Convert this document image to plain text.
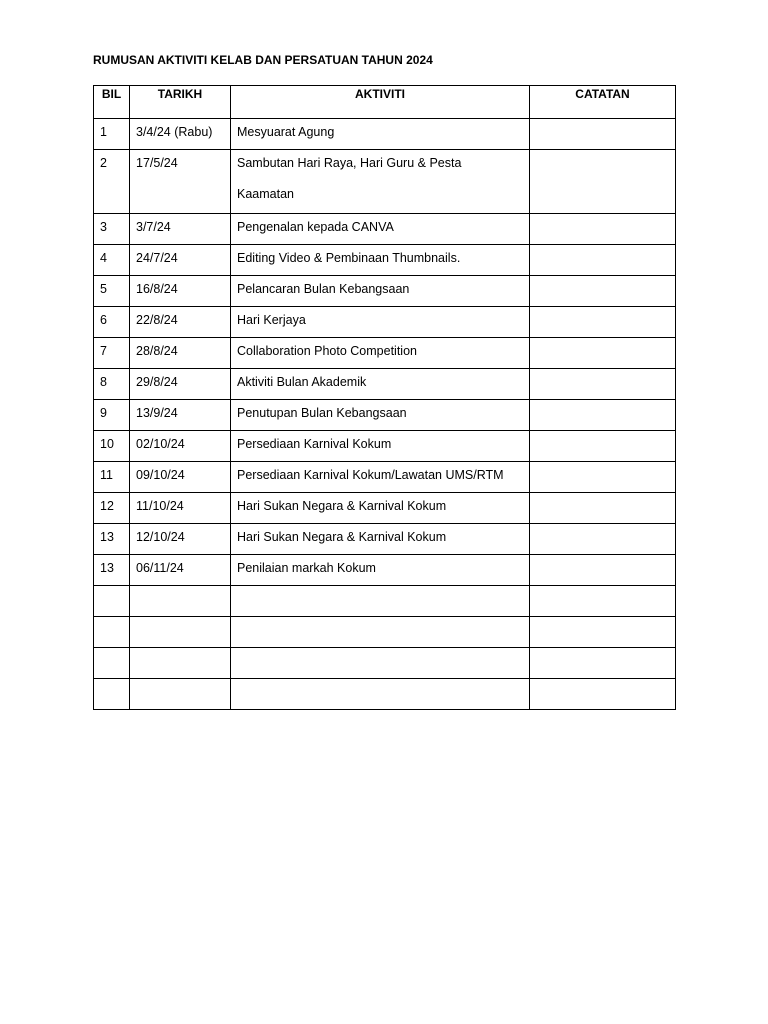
RUMUSAN AKTIVITI KELAB DAN PERSATUAN TAHUN 2024
BIL	TARIKH	AKTIVITI	CATATAN
1	3/4/24 (Rabu)	Mesyuarat Agung	
2	17/5/24	Sambutan Hari Raya, Hari Guru & Pesta
Kaamatan	

3	3/7/24	Pengenalan kepada CANVA	
4	24/7/24	Editing Video & Pembinaan Thumbnails.	
5	16/8/24	Pelancaran Bulan Kebangsaan	
6	22/8/24	Hari Kerjaya	
7	28/8/24	Collaboration Photo Competition	
8	29/8/24	Aktiviti Bulan Akademik	
9	13/9/24	Penutupan Bulan Kebangsaan	
10	02/10/24	Persediaan Karnival Kokum	
11	09/10/24	Persediaan Karnival Kokum/Lawatan UMS/RTM	
12	11/10/24	Hari Sukan Negara & Karnival Kokum	
13	12/10/24	Hari Sukan Negara & Karnival Kokum	
13	06/11/24	Penilaian markah Kokum	
